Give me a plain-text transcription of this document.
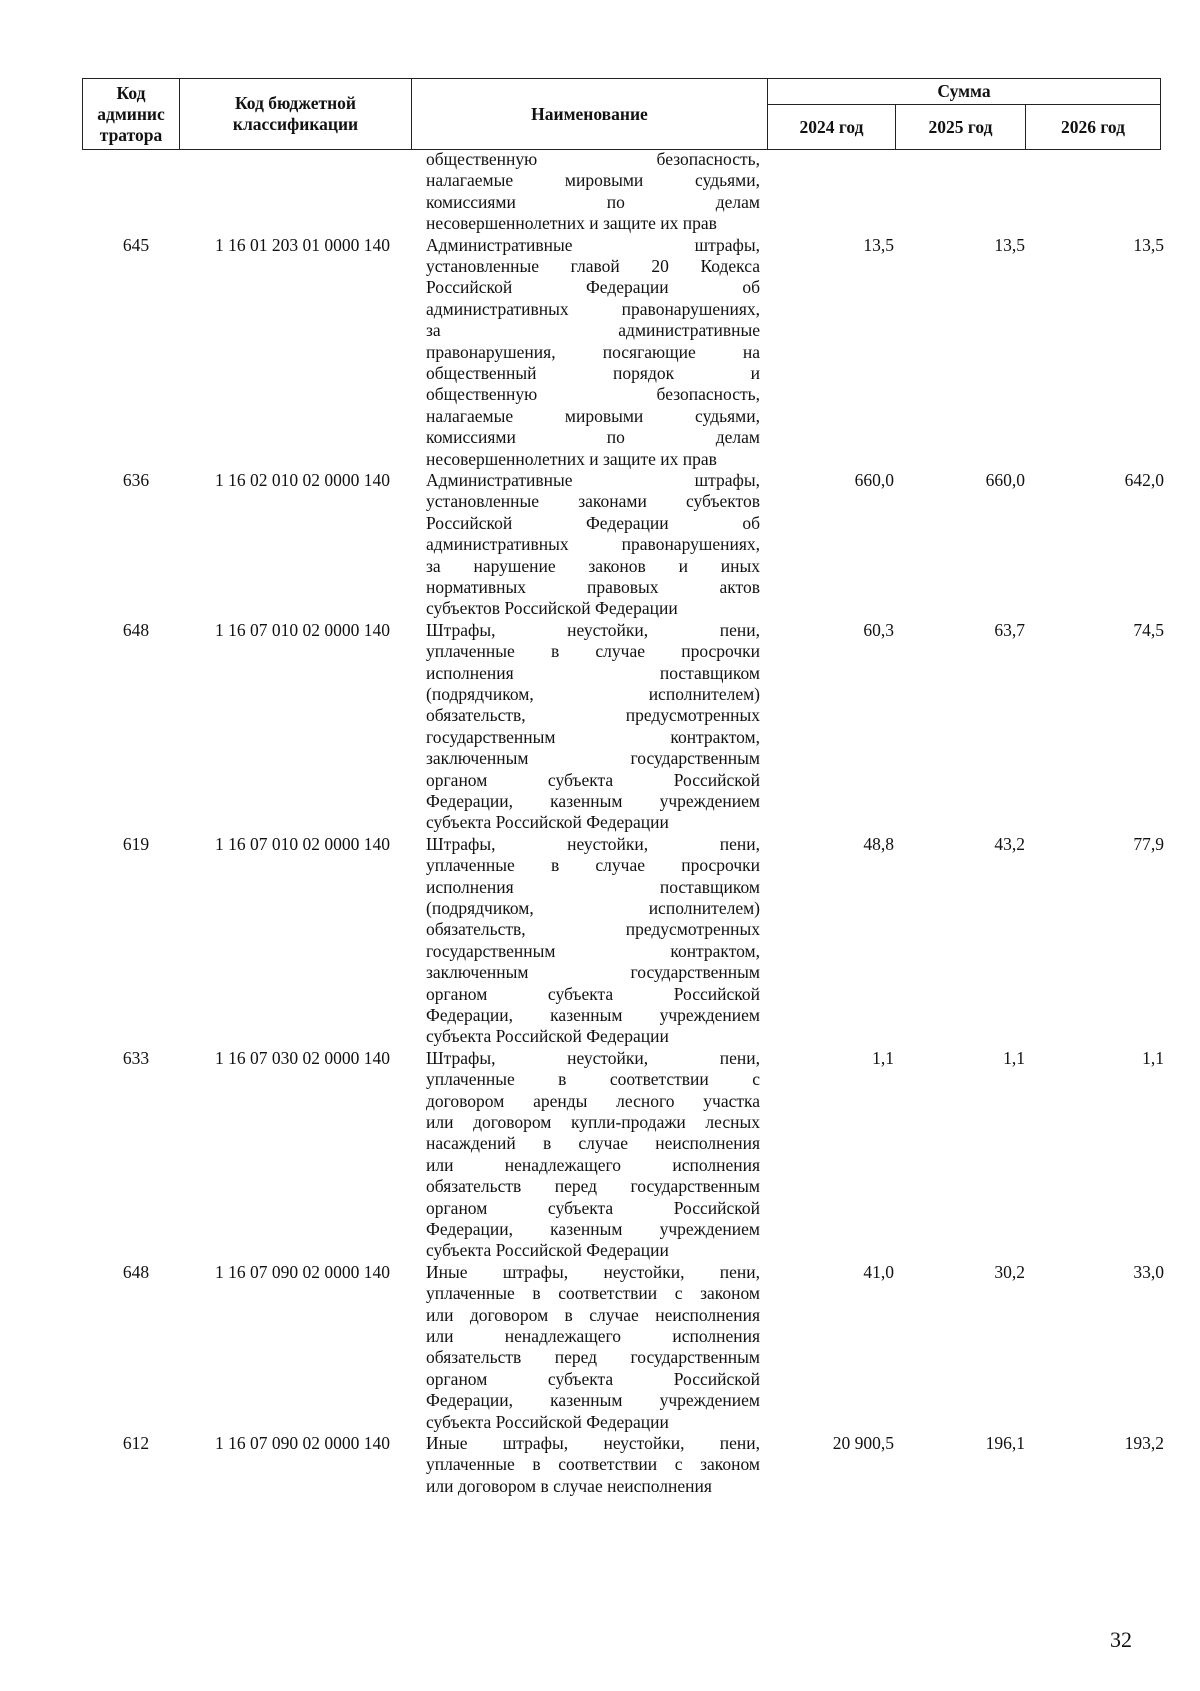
Код админис тратора	Код бюджетной классификации	Наименование	Сумма		
			2024 год	2025 год	2026 год
общественную безопасность,
налагаемые мировыми судьями,
комиссиями по делам
несовершеннолетних и защите их прав
645	1 16 01 203 01 0000 140	Административные штрафы,
установленные главой 20 Кодекса
Российской Федерации об
административных правонарушениях,
за административные
правонарушения, посягающие на
общественный порядок и
общественную безопасность,
налагаемые мировыми судьями,
комиссиями по делам
несовершеннолетних и защите их прав
13,5	13,5	13,5
636	1 16 02 010 02 0000 140	Административные штрафы,
установленные законами субъектов
Российской Федерации об
административных правонарушениях,
за нарушение законов и иных
нормативных правовых актов
субъектов Российской Федерации
660,0	660,0	642,0
648	1 16 07 010 02 0000 140	Штрафы, неустойки, пени,
уплаченные в случае просрочки
исполнения поставщиком
(подрядчиком, исполнителем)
обязательств, предусмотренных
государственным контрактом,
заключенным государственным
органом субъекта Российской
Федерации, казенным учреждением
субъекта Российской Федерации
60,3	63,7	74,5
619	1 16 07 010 02 0000 140	Штрафы, неустойки, пени,
уплаченные в случае просрочки
исполнения поставщиком
(подрядчиком, исполнителем)
обязательств, предусмотренных
государственным контрактом,
заключенным государственным
органом субъекта Российской
Федерации, казенным учреждением
субъекта Российской Федерации
48,8	43,2	77,9
633	1 16 07 030 02 0000 140	Штрафы, неустойки, пени,
уплаченные в соответствии с
договором аренды лесного участка
или договором купли-продажи лесных
насаждений в случае неисполнения
или ненадлежащего исполнения
обязательств перед государственным
органом субъекта Российской
Федерации, казенным учреждением
субъекта Российской Федерации
1,1	1,1	1,1
648	1 16 07 090 02 0000 140	Иные штрафы, неустойки, пени,
уплаченные в соответствии с законом
или договором в случае неисполнения
или ненадлежащего исполнения
обязательств перед государственным
органом субъекта Российской
Федерации, казенным учреждением
субъекта Российской Федерации
41,0	30,2	33,0
612	1 16 07 090 02 0000 140	Иные штрафы, неустойки, пени,
уплаченные в соответствии с законом
или договором в случае неисполнения
20 900,5	196,1	193,2
32
